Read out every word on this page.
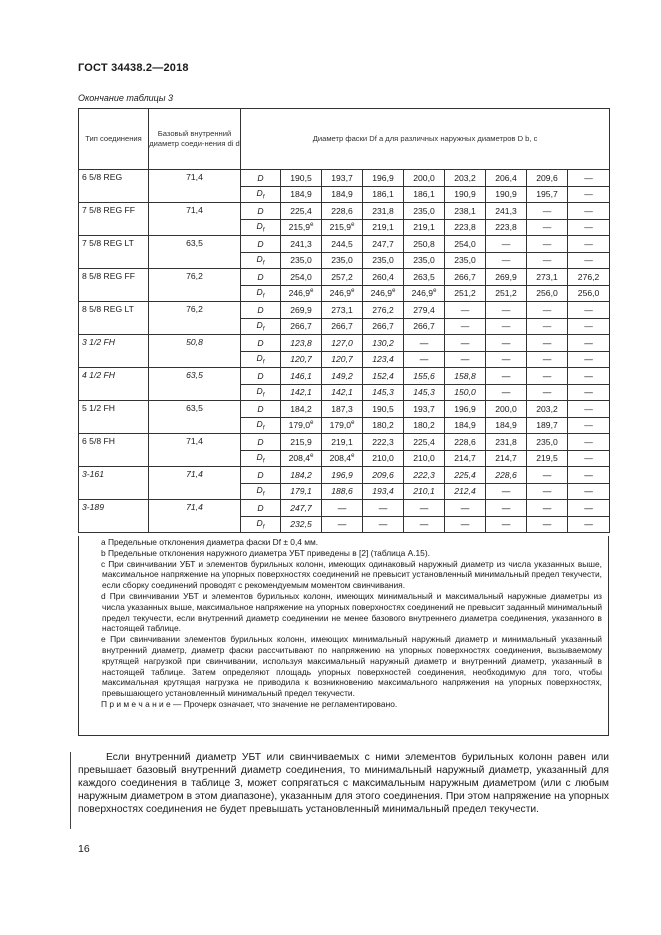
ГОСТ 34438.2—2018
Окончание таблицы 3
Тип соединения	Базовый внутренний диаметр соеди-нения di d	Диаметр фаски Df a для различных наружных диаметров D b, c								
6 5/8 REG	71,4	D	190,5	193,7	196,9	200,0	203,2	206,4	209,6	—
		$D_f$	184,9	184,9	186,1	186,1	190,9	190,9	195,7	—
7 5/8 REG FF	71,4	D	225,4	228,6	231,8	235,0	238,1	241,3	—	—
		$D_f$	215,9e	215,9e	219,1	219,1	223,8	223,8	—	—
7 5/8 REG LT	63,5	D	241,3	244,5	247,7	250,8	254,0	—	—	—
		$D_f$	235,0	235,0	235,0	235,0	235,0	—	—	—
8 5/8 REG FF	76,2	D	254,0	257,2	260,4	263,5	266,7	269,9	273,1	276,2
		$D_f$	246,9e	246,9e	246,9e	246,9e	251,2	251,2	256,0	256,0
8 5/8 REG LT	76,2	D	269,9	273,1	276,2	279,4	—	—	—	—
		$D_f$	266,7	266,7	266,7	266,7	—	—	—	—
3 1/2 FH	50,8	D	123,8	127,0	130,2	—	—	—	—	—
		$D_f$	120,7	120,7	123,4	—	—	—	—	—
4 1/2 FH	63,5	D	146,1	149,2	152,4	155,6	158,8	—	—	—
		$D_f$	142,1	142,1	145,3	145,3	150,0	—	—	—
5 1/2 FH	63,5	D	184,2	187,3	190,5	193,7	196,9	200,0	203,2	—
		$D_f$	179,0e	179,0e	180,2	180,2	184,9	184,9	189,7	—
6 5/8 FH	71,4	D	215,9	219,1	222,3	225,4	228,6	231,8	235,0	—
		$D_f$	208,4e	208,4e	210,0	210,0	214,7	214,7	219,5	—
3-161	71,4	D	184,2	196,9	209,6	222,3	225,4	228,6	—	—
		$D_f$	179,1	188,6	193,4	210,1	212,4	—	—	—
3-189	71,4	D	247,7	—	—	—	—	—	—	—
		$D_f$	232,5	—	—	—	—	—	—	—

a Предельные отклонения диаметра фаски Df ± 0,4 мм.

b Предельные отклонения наружного диаметра УБТ приведены в [2] (таблица А.15).

c При свинчивании УБТ и элементов бурильных колонн, имеющих одинаковый наружный диаметр из числа указанных выше, максимальное напряжение на упорных поверхностях соединений не превысит установленный минимальный предел текучести, если сборку соединений проводят с рекомендуемым моментом свинчивания.

d При свинчивании УБТ и элементов бурильных колонн, имеющих минимальный и максимальный наружные диаметры из числа указанных выше, максимальное напряжение на упорных поверхностях соединений не превысит заданный минимальный предел текучести, если внутренний диаметр соединении не менее базового внутреннего диаметра соединения, указанного в настоящей таблице.

e При свинчивании элементов бурильных колонн, имеющих минимальный наружный диаметр и минимальный указанный внутренний диаметр, диаметр фаски рассчитывают по напряжению на упорных поверхностях соединения, вызываемому крутящей нагрузкой при свинчивании, используя максимальный наружный диаметр и внутренний диаметр, указанный в настоящей таблице. Затем определяют площадь упорных поверхностей соединения, необходимую для того, чтобы максимальная крутящая нагрузка не приводила к возникновению максимального напряжения на упорных поверхностях, превышающего установленный минимальный предел текучести.

П р и м е ч а н и е — Прочерк означает, что значение не регламентировано.

Если внутренний диаметр УБТ или свинчиваемых с ними элементов бурильных колонн равен или превышает базовый внутренний диаметр соединения, то минимальный наружный диаметр, указанный для каждого соединения в таблице 3, может сопрягаться с максимальным наружным диаметром (или с любым наружным диаметром в этом диапазоне), указанным для этого соединения. При этом напряжение на упорных поверхностях соединения не будет превышать установленный минимальный предел текучести.

16
